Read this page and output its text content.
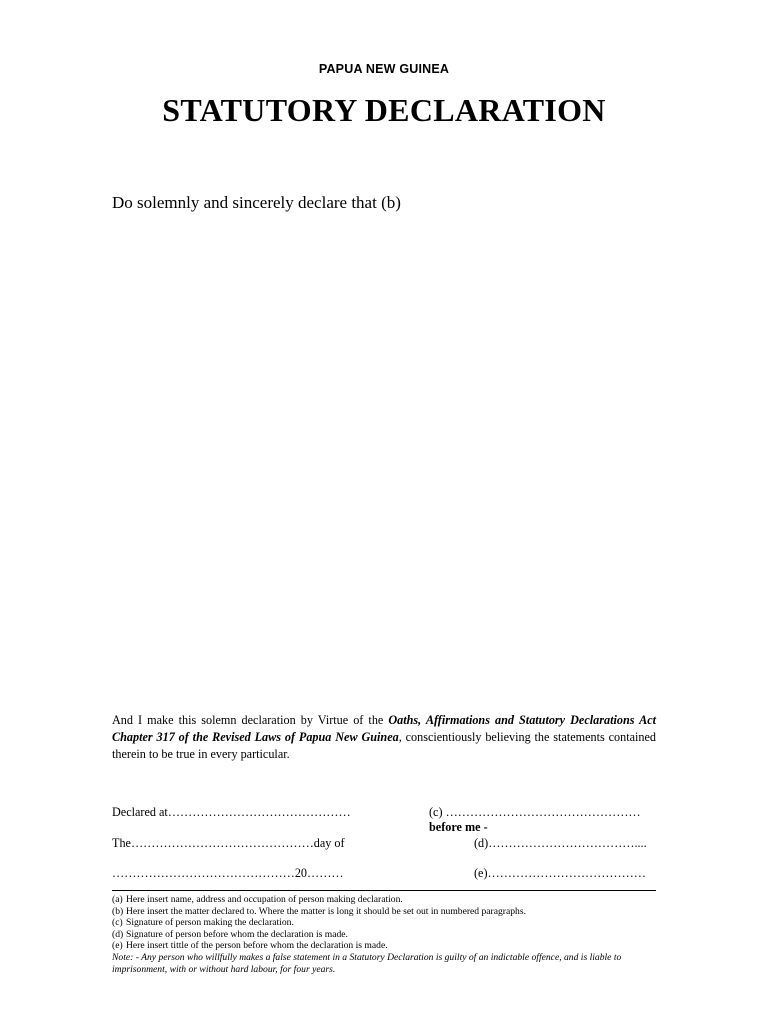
PAPUA NEW GUINEA
STATUTORY DECLARATION
Do solemnly and sincerely declare that (b)
And I make this solemn declaration by Virtue of the Oaths, Affirmations and Statutory Declarations Act Chapter 317 of the Revised Laws of Papua New Guinea, conscientiously believing the statements contained therein to be true in every particular.
Declared at………………………………………	(c) …………………………………………
before me -
The………………………………………day of	(d)………………………………....
………………………………………20………	(e)…………………………………
(a) Here insert name, address and occupation of person making declaration.
(b) Here insert the matter declared to. Where the matter is long it should be set out in numbered paragraphs.
(c) Signature of person making the declaration.
(d) Signature of person before whom the declaration is made.
(e) Here insert tittle of the person before whom the declaration is made.
Note: - Any person who willfully makes a false statement in a Statutory Declaration is guilty of an indictable offence, and is liable to imprisonment, with or without hard labour, for four years.
